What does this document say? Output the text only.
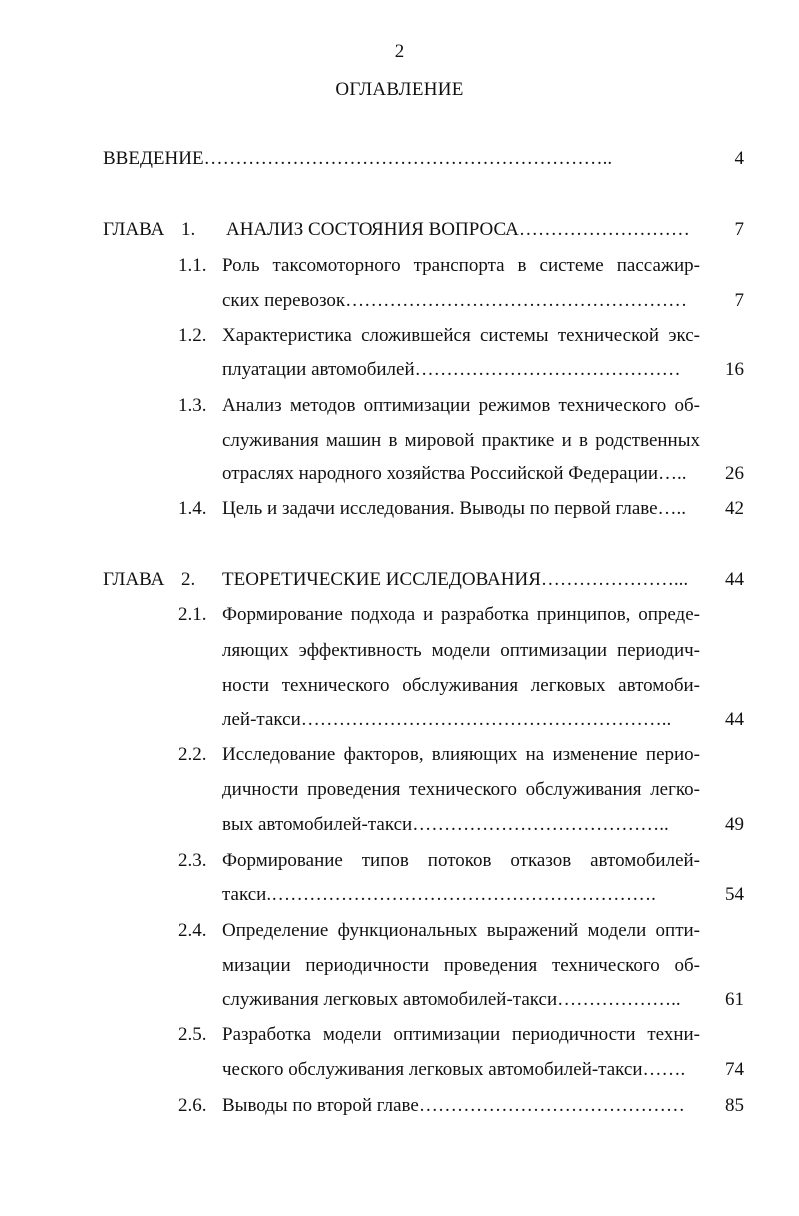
2
ОГЛАВЛЕНИЕ
ВВЕДЕНИЕ………………………………………………………..	4
ГЛАВА 1. АНАЛИЗ СОСТОЯНИЯ ВОПРОСА………………………	7
1.1. Роль таксомоторного транспорта в системе пассажир-
ских перевозок………………………………………………	7
1.2. Характеристика сложившейся системы технической экс-
плуатации автомобилей……………………………………	16
1.3. Анализ методов оптимизации режимов технического об-
служивания машин в мировой практике и в родственных
отраслях народного хозяйства Российской Федерации…..	26
1.4. Цель и задачи исследования. Выводы по первой главе…..	42
ГЛАВА 2. ТЕОРЕТИЧЕСКИЕ ИССЛЕДОВАНИЯ…………………...	44
2.1. Формирование подхода и разработка принципов, опреде-
ляющих эффективность модели оптимизации периодич-
ности технического обслуживания легковых автомоби-
лей-такси…………………………………………………..	44
2.2. Исследование факторов, влияющих на изменение перио-
дичности проведения технического обслуживания легко-
вых автомобилей-такси…………………………………..	49
2.3. Формирование типов потоков отказов автомобилей-
такси.…………………………………………………….	54
2.4. Определение функциональных выражений модели опти-
мизации периодичности проведения технического об-
служивания легковых автомобилей-такси………………..	61
2.5. Разработка модели оптимизации периодичности техни-
ческого обслуживания легковых автомобилей-такси…….	74
2.6. Выводы по второй главе……………………………………	85
